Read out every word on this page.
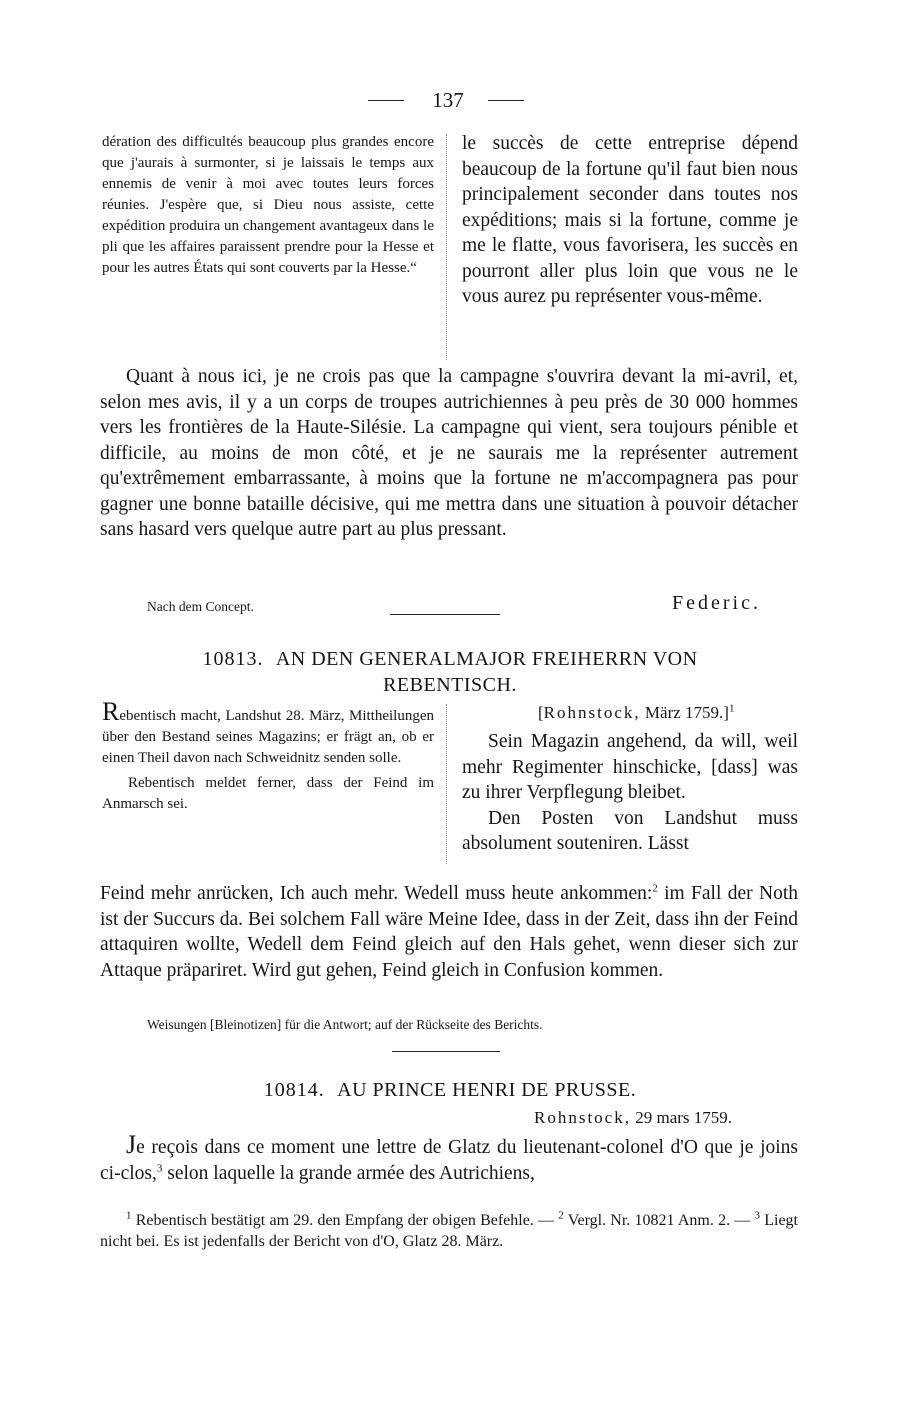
137
dération des difficultés beaucoup plus grandes encore que j'aurais à surmonter, si je laissais le temps aux ennemis de venir à moi avec toutes leurs forces réunies. J'espère que, si Dieu nous assiste, cette expédition produira un changement avantageux dans le pli que les affaires paraissent prendre pour la Hesse et pour les autres États qui sont couverts par la Hesse.“
le succès de cette entreprise dépend beaucoup de la fortune qu'il faut bien nous principalement seconder dans toutes nos expéditions; mais si la fortune, comme je me le flatte, vous favorisera, les succès en pourront aller plus loin que vous ne le vous aurez pu représenter vous-même.

Quant à nous ici, je ne crois pas que la campagne s'ouvrira devant la mi-avril, et, selon mes avis, il y a un corps de troupes autrichiennes à peu près de 30 000 hommes vers les frontières de la Haute-Silésie. La campagne qui vient, sera toujours pénible et difficile, au moins de mon côté, et je ne saurais me la représenter autrement qu'extrêmement embarrassante, à moins que la fortune ne m'accompagnera pas pour gagner une bonne bataille décisive, qui me mettra dans une situation à pouvoir détacher sans hasard vers quelque autre part au plus pressant.

Nach dem Concept.	Federic.
10813. AN DEN GENERALMAJOR FREIHERRN VON
REBENTISCH.

Rebentisch macht, Landshut 28. März, Mittheilungen über den Bestand seines Magazins; er frägt an, ob er einen Theil davon nach Schweidnitz senden solle.

Rebentisch meldet ferner, dass der Feind im Anmarsch sei.

[Rohnstock, März 1759.]$^1$

Sein Magazin angehend, da will, weil mehr Regimenter hinschicke, [dass] was zu ihrer Verpflegung bleibet.

Den Posten von Landshut muss absolument souteniren. Lässt

Feind mehr anrücken, Ich auch mehr. Wedell muss heute ankommen:$^2$ im Fall der Noth ist der Succurs da. Bei solchem Fall wäre Meine Idee, dass in der Zeit, dass ihn der Feind attaquiren wollte, Wedell dem Feind gleich auf den Hals gehet, wenn dieser sich zur Attaque präpariret. Wird gut gehen, Feind gleich in Confusion kommen.

Weisungen [Bleinotizen] für die Antwort; auf der Rückseite des Berichts.
10814. AU PRINCE HENRI DE PRUSSE.
Rohnstock, 29 mars 1759.

Je reçois dans ce moment une lettre de Glatz du lieutenant-colonel d'O que je joins ci-clos,$^3$ selon laquelle la grande armée des Autrichiens,

$^1$ Rebentisch bestätigt am 29. den Empfang der obigen Befehle. — $^2$ Vergl. Nr. 10821 Anm. 2. — $^3$ Liegt nicht bei. Es ist jedenfalls der Bericht von d'O, Glatz 28. März.
